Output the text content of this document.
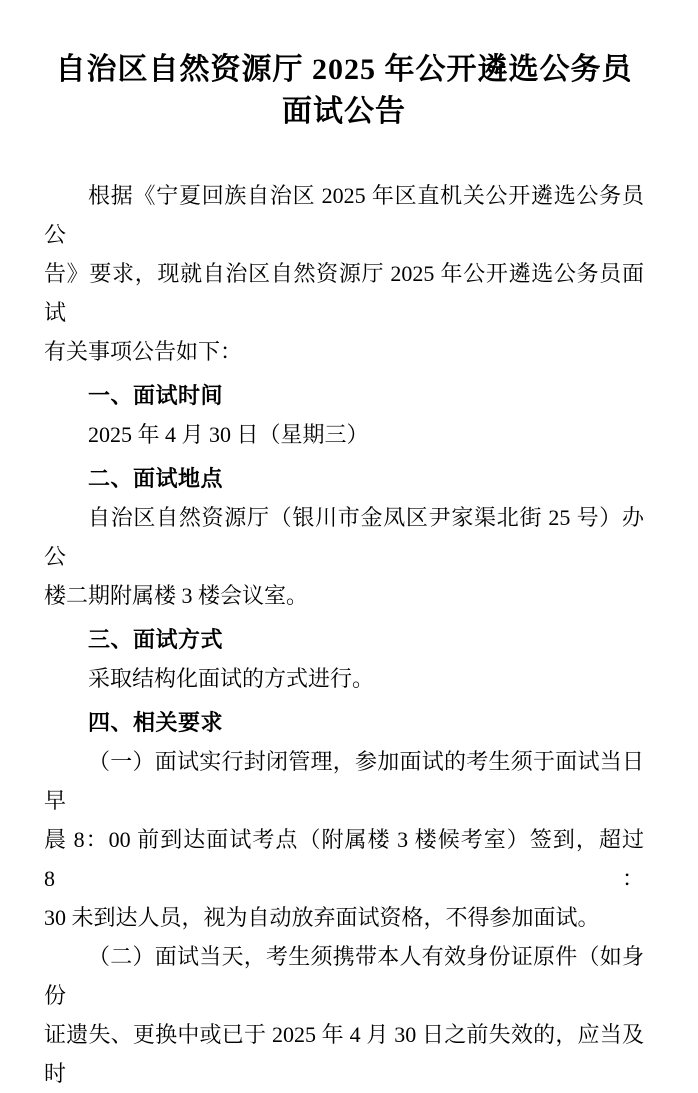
自治区自然资源厅 2025 年公开遴选公务员
面试公告

根据《宁夏回族自治区 2025 年区直机关公开遴选公务员公

告》要求，现就自治区自然资源厅 2025 年公开遴选公务员面试

有关事项公告如下：

一、面试时间

2025 年 4 月 30 日（星期三）

二、面试地点

自治区自然资源厅（银川市金凤区尹家渠北街 25 号）办公

楼二期附属楼 3 楼会议室。

三、面试方式

采取结构化面试的方式进行。

四、相关要求

（一）面试实行封闭管理，参加面试的考生须于面试当日早

晨 8：00 前到达面试考点（附属楼 3 楼候考室）签到，超过 8：

30 未到达人员，视为自动放弃面试资格，不得参加面试。

（二）面试当天，考生须携带本人有效身份证原件（如身份

证遗失、更换中或已于 2025 年 4 月 30 日之前失效的，应当及时
